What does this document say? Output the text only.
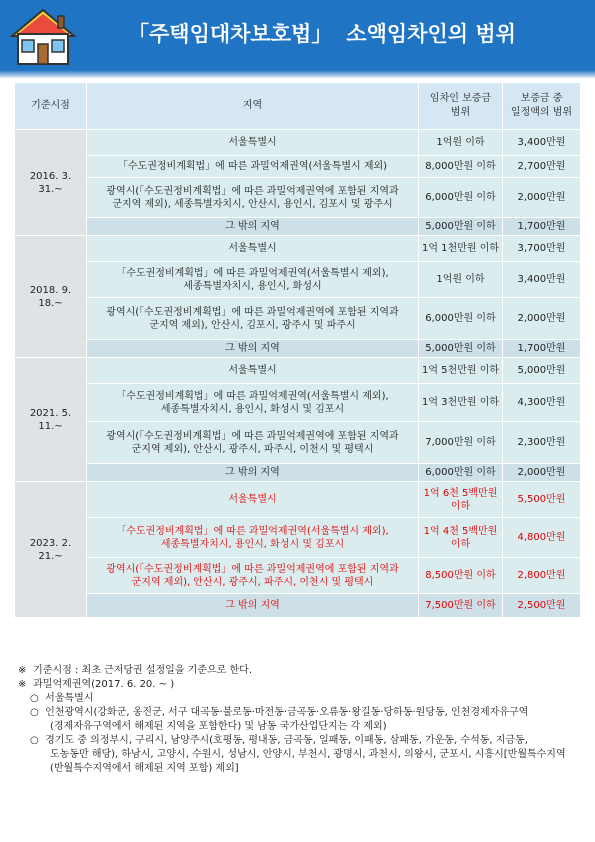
「주택임대차보호법」 소액임차인의 범위
기준시점	지역	임차인 보증금
범위	보증금 중
일정액의 범위
2016. 3. 31.~	서울특별시	1억원 이하	3,400만원
	「수도권정비계획법」에 따른 과밀억제권역(서울특별시 제외)	8,000만원 이하	2,700만원
	광역시(「수도권정비계획법」에 따른 과밀억제권역에 포함된 지역과
군지역 제외), 세종특별자치시, 안산시, 용인시, 김포시 및 광주시	6,000만원 이하	2,000만원
	그 밖의 지역	5,000만원 이하	1,700만원
2018. 9. 18.~	서울특별시	1억 1천만원 이하	3,700만원
	「수도권정비계획법」에 따른 과밀억제권역(서울특별시 제외),
세종특별자치시, 용인시, 화성시	1억원 이하	3,400만원
	광역시(「수도권정비계획법」에 따른 과밀억제권역에 포함된 지역과
군지역 제외), 안산시, 김포시, 광주시 및 파주시	6,000만원 이하	2,000만원
	그 밖의 지역	5,000만원 이하	1,700만원
2021. 5. 11.~	서울특별시	1억 5천만원 이하	5,000만원
	「수도권정비계획법」에 따른 과밀억제권역(서울특별시 제외),
세종특별자치시, 용인시, 화성시 및 김포시	1억 3천만원 이하	4,300만원
	광역시(「수도권정비계획법」에 따른 과밀억제권역에 포함된 지역과
군지역 제외), 안산시, 광주시, 파주시, 이천시 및 평택시	7,000만원 이하	2,300만원
	그 밖의 지역	6,000만원 이하	2,000만원
2023. 2. 21.~	서울특별시	1억 6천 5백만원
이하	5,500만원
	「수도권정비계획법」에 따른 과밀억제권역(서울특별시 제외),
세종특별자치시, 용인시, 화성시 및 김포시	1억 4천 5백만원
이하	4,800만원
	광역시(「수도권정비계획법」에 따른 과밀억제권역에 포함된 지역과
군지역 제외), 안산시, 광주시, 파주시, 이천시 및 평택시	8,500만원 이하	2,800만원
	그 밖의 지역	7,500만원 이하	2,500만원
※ 기준시점 : 최초 근저당권 설정일을 기준으로 한다.
※ 과밀억제권역(2017. 6. 20. ~ )
○ 서울특별시
○ 인천광역시(강화군, 옹진군, 서구 대곡동·불로동·마전동·금곡동·오류동·왕길동·당하동·원당동, 인천경제자유구역
(경제자유구역에서 해제된 지역을 포함한다) 및 남동 국가산업단지는 각 제외)
○ 경기도 중 의정부시, 구리시, 남양주시(호평동, 평내동, 금곡동, 일패동, 이패동, 삼패동, 가운동, 수석동, 지금동,
도농동만 해당), 하남시, 고양시, 수원시, 성남시, 안양시, 부천시, 광명시, 과천시, 의왕시, 군포시, 시흥시[반월특수지역
(반월특수지역에서 해제된 지역 포함) 제외]
